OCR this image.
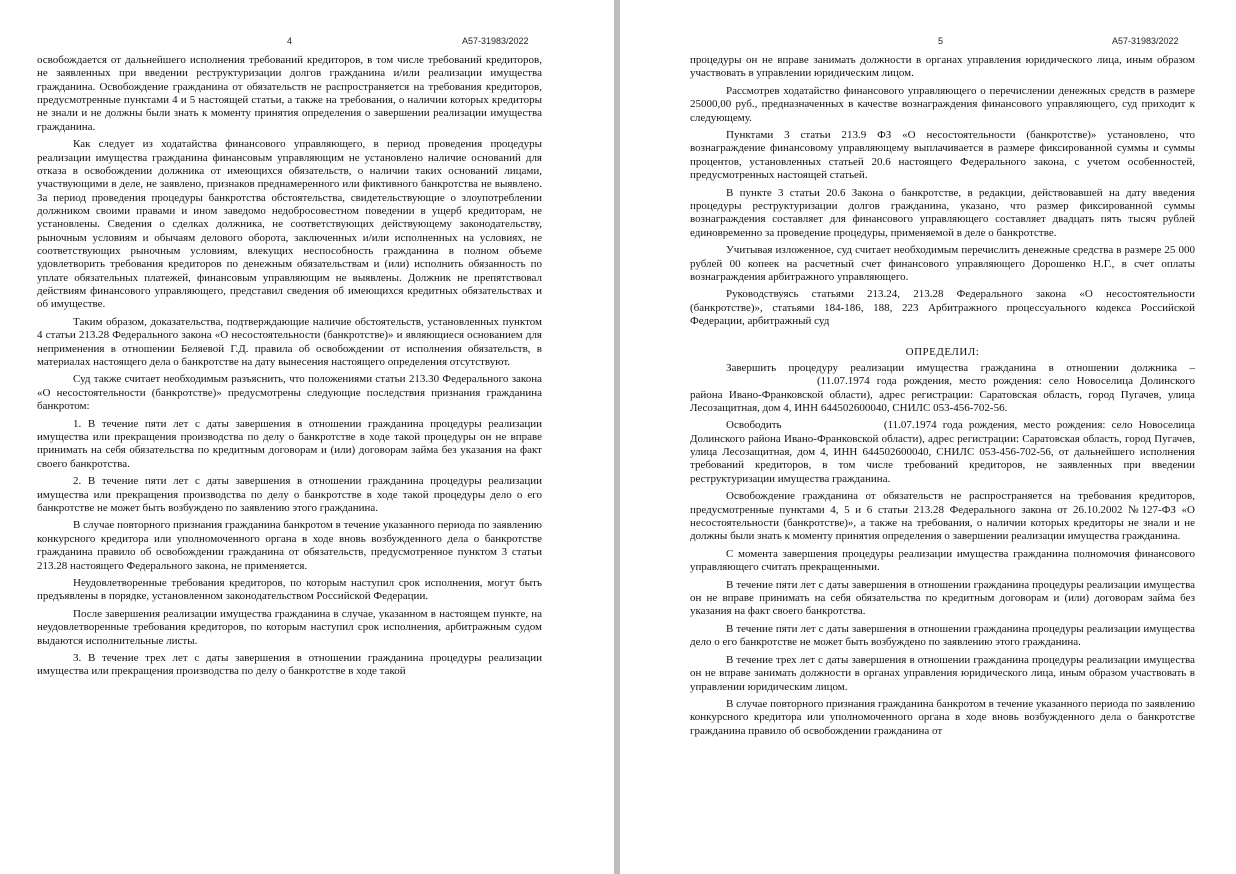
4	А57-31983/2022

освобождается от дальнейшего исполнения требований кредиторов, в том числе требований кредиторов, не заявленных при введении реструктуризации долгов гражданина и/или реализации имущества гражданина. Освобождение гражданина от обязательств не распространяется на требования кредиторов, предусмотренные пунктами 4 и 5 настоящей статьи, а также на требования, о наличии которых кредиторы не знали и не должны были знать к моменту принятия определения о завершении реализации имущества гражданина.

Как следует из ходатайства финансового управляющего, в период проведения процедуры реализации имущества гражданина финансовым управляющим не установлено наличие оснований для отказа в освобождении должника от имеющихся обязательств, о наличии таких оснований лицами, участвующими в деле, не заявлено, признаков преднамеренного или фиктивного банкротства не выявлено. За период проведения процедуры банкротства обстоятельства, свидетельствующие о злоупотреблении должником своими правами и ином заведомо недобросовестном поведении в ущерб кредиторам, не установлены. Сведения о сделках должника, не соответствующих действующему законодательству, рыночным условиям и обычаям делового оборота, заключенных и/или исполненных на условиях, не соответствующих рыночным условиям, влекущих неспособность гражданина в полном объеме удовлетворить требования кредиторов по денежным обязательствам и (или) исполнить обязанность по уплате обязательных платежей, финансовым управляющим не выявлены. Должник не препятствовал действиям финансового управляющего, представил сведения об имеющихся кредитных обязательствах и об имуществе.

Таким образом, доказательства, подтверждающие наличие обстоятельств, установленных пунктом 4 статьи 213.28 Федерального закона «О несостоятельности (банкротстве)» и являющиеся основанием для неприменения в отношении Беляевой Г.Д. правила об освобождении от исполнения обязательств, в материалах настоящего дела о банкротстве на дату вынесения настоящего определения отсутствуют.

Суд также считает необходимым разъяснить, что положениями статьи 213.30 Федерального закона «О несостоятельности (банкротстве)» предусмотрены следующие последствия признания гражданина банкротом:

1. В течение пяти лет с даты завершения в отношении гражданина процедуры реализации имущества или прекращения производства по делу о банкротстве в ходе такой процедуры он не вправе принимать на себя обязательства по кредитным договорам и (или) договорам займа без указания на факт своего банкротства.

2. В течение пяти лет с даты завершения в отношении гражданина процедуры реализации имущества или прекращения производства по делу о банкротстве в ходе такой процедуры дело о его банкротстве не может быть возбуждено по заявлению этого гражданина.

В случае повторного признания гражданина банкротом в течение указанного периода по заявлению конкурсного кредитора или уполномоченного органа в ходе вновь возбужденного дела о банкротстве гражданина правило об освобождении гражданина от обязательств, предусмотренное пунктом 3 статьи 213.28 настоящего Федерального закона, не применяется.

Неудовлетворенные требования кредиторов, по которым наступил срок исполнения, могут быть предъявлены в порядке, установленном законодательством Российской Федерации.

После завершения реализации имущества гражданина в случае, указанном в настоящем пункте, на неудовлетворенные требования кредиторов, по которым наступил срок исполнения, арбитражным судом выдаются исполнительные листы.

3. В течение трех лет с даты завершения в отношении гражданина процедуры реализации имущества или прекращения производства по делу о банкротстве в ходе такой

5	А57-31983/2022

процедуры он не вправе занимать должности в органах управления юридического лица, иным образом участвовать в управлении юридическим лицом.

Рассмотрев ходатайство финансового управляющего о перечислении денежных средств в размере 25000,00 руб., предназначенных в качестве вознаграждения финансового управляющего, суд приходит к следующему.

Пунктами 3 статьи 213.9 ФЗ «О несостоятельности (банкротстве)» установлено, что вознаграждение финансовому управляющему выплачивается в размере фиксированной суммы и суммы процентов, установленных статьей 20.6 настоящего Федерального закона, с учетом особенностей, предусмотренных настоящей статьей.

В пункте 3 статьи 20.6 Закона о банкротстве, в редакции, действовавшей на дату введения процедуры реструктуризации долгов гражданина, указано, что размер фиксированной суммы вознаграждения составляет для финансового управляющего составляет двадцать пять тысяч рублей единовременно за проведение процедуры, применяемой в деле о банкротстве.

Учитывая изложенное, суд считает необходимым перечислить денежные средства в размере 25 000 рублей 00 копеек на расчетный счет финансового управляющего Дорошенко Н.Г., в счет оплаты вознаграждения арбитражного управляющего.

Руководствуясь статьями 213.24, 213.28 Федерального закона «О несостоятельности (банкротстве)», статьями 184-186, 188, 223 Арбитражного процессуального кодекса Российской Федерации, арбитражный суд

ОПРЕДЕЛИЛ:

Завершить процедуру реализации имущества гражданина в отношении должника –  (11.07.1974 года рождения, место рождения: село Новоселица Долинского района Ивано-Франковской области), адрес регистрации: Саратовская область, город Пугачев, улица Лесозащитная, дом 4, ИНН 644502600040, СНИЛС 053-456-702-56.

Освободить	(11.07.1974 года рождения, место рождения: село Новоселица Долинского района Ивано-Франковской области), адрес регистрации: Саратовская область, город Пугачев, улица Лесозащитная, дом 4, ИНН 644502600040, СНИЛС 053-456-702-56, от дальнейшего исполнения требований кредиторов, в том числе требований кредиторов, не заявленных при введении реструктуризации имущества гражданина.

Освобождение гражданина от обязательств не распространяется на требования кредиторов, предусмотренные пунктами 4, 5 и 6 статьи 213.28 Федерального закона от 26.10.2002 №127-ФЗ «О несостоятельности (банкротстве)», а также на требования, о наличии которых кредиторы не знали и не должны были знать к моменту принятия определения о завершении реализации имущества гражданина.

С момента завершения процедуры реализации имущества гражданина полномочия финансового управляющего считать прекращенными.

В течение пяти лет с даты завершения в отношении гражданина процедуры реализации имущества он не вправе принимать на себя обязательства по кредитным договорам и (или) договорам займа без указания на факт своего банкротства.

В течение пяти лет с даты завершения в отношении гражданина процедуры реализации имущества дело о его банкротстве не может быть возбуждено по заявлению этого гражданина.

В течение трех лет с даты завершения в отношении гражданина процедуры реализации имущества он не вправе занимать должности в органах управления юридического лица, иным образом участвовать в управлении юридическим лицом.

В случае повторного признания гражданина банкротом в течение указанного периода по заявлению конкурсного кредитора или уполномоченного органа в ходе вновь возбужденного дела о банкротстве гражданина правило об освобождении гражданина от
